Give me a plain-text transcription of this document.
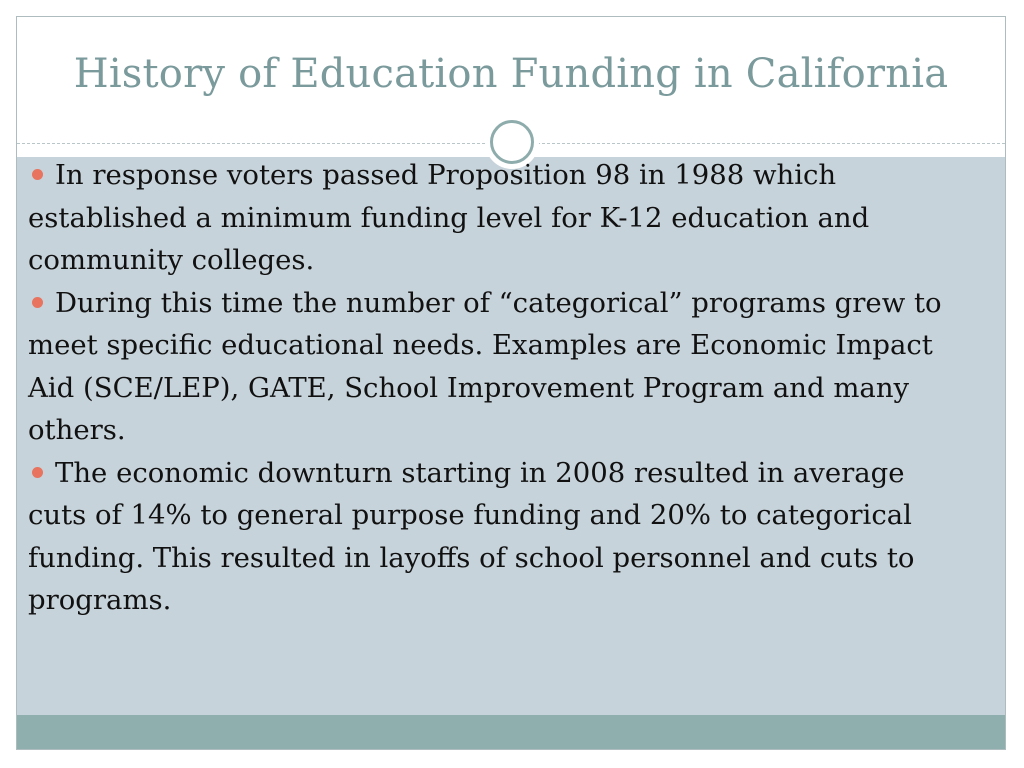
History of Education Funding in California
In response voters passed Proposition 98 in 1988 which established a minimum funding level for K-12 education and community colleges.
During this time the number of “categorical” programs grew to meet specific educational needs. Examples are Economic Impact Aid (SCE/LEP), GATE, School Improvement Program and many others.
The economic downturn starting in 2008 resulted in average cuts of 14% to general purpose funding and 20% to categorical funding. This resulted in layoffs of school personnel and cuts to programs.
